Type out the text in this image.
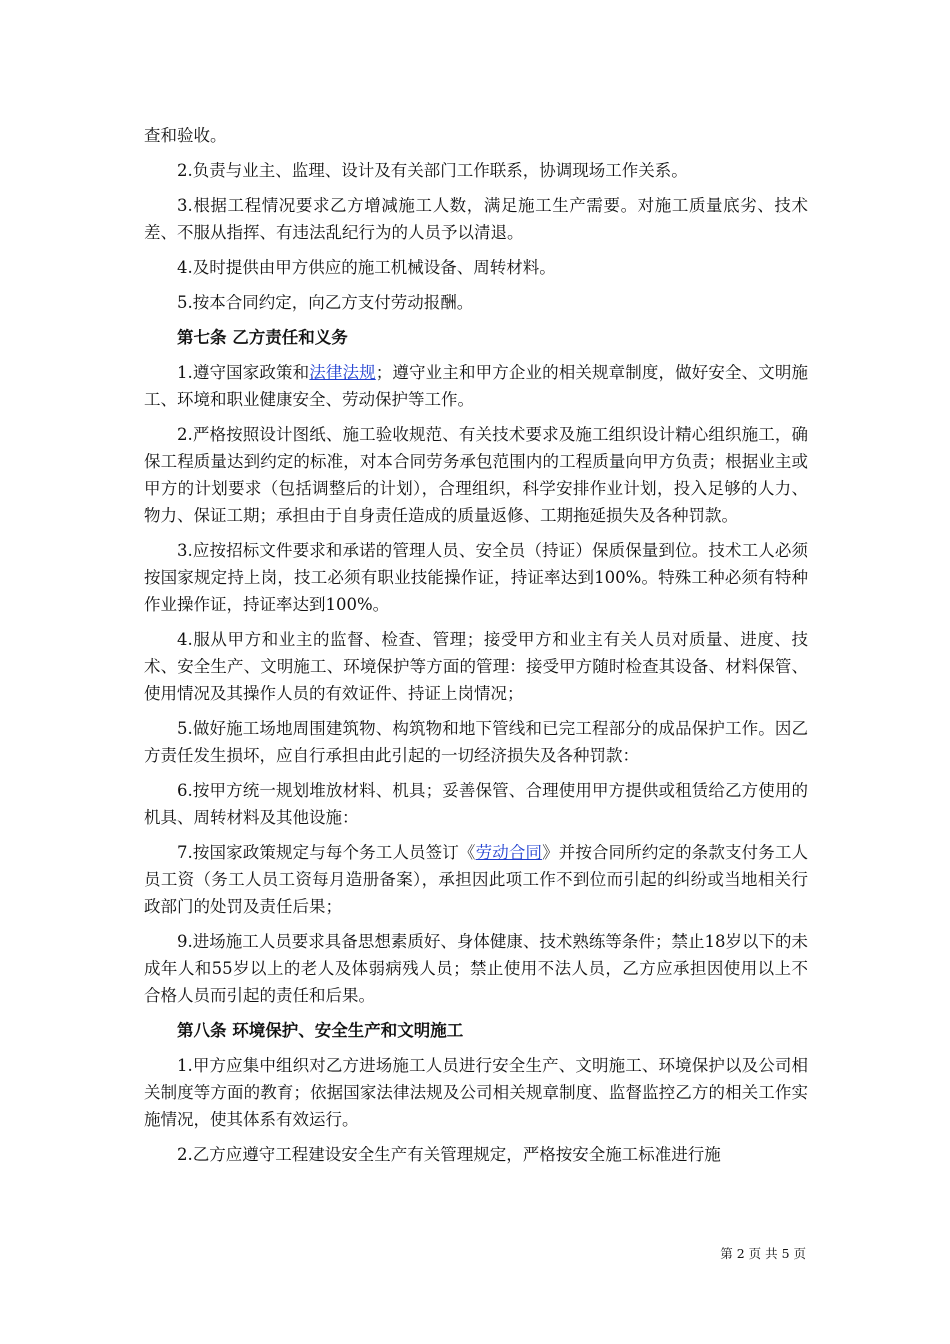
查和验收。

2.负责与业主、监理、设计及有关部门工作联系，协调现场工作关系。

3.根据工程情况要求乙方增减施工人数，满足施工生产需要。对施工质量底劣、技术差、不服从指挥、有违法乱纪行为的人员予以清退。

4.及时提供由甲方供应的施工机械设备、周转材料。

5.按本合同约定，向乙方支付劳动报酬。

第七条 乙方责任和义务

1.遵守国家政策和法律法规；遵守业主和甲方企业的相关规章制度，做好安全、文明施工、环境和职业健康安全、劳动保护等工作。

2.严格按照设计图纸、施工验收规范、有关技术要求及施工组织设计精心组织施工，确保工程质量达到约定的标准，对本合同劳务承包范围内的工程质量向甲方负责；根据业主或甲方的计划要求（包括调整后的计划），合理组织，科学安排作业计划，投入足够的人力、物力、保证工期；承担由于自身责任造成的质量返修、工期拖延损失及各种罚款。

3.应按招标文件要求和承诺的管理人员、安全员（持证）保质保量到位。技术工人必须按国家规定持上岗，技工必须有职业技能操作证，持证率达到100%。特殊工种必须有特种作业操作证，持证率达到100%。

4.服从甲方和业主的监督、检查、管理；接受甲方和业主有关人员对质量、进度、技术、安全生产、文明施工、环境保护等方面的管理：接受甲方随时检查其设备、材料保管、使用情况及其操作人员的有效证件、持证上岗情况；

5.做好施工场地周围建筑物、构筑物和地下管线和已完工程部分的成品保护工作。因乙方责任发生损坏，应自行承担由此引起的一切经济损失及各种罚款：

6.按甲方统一规划堆放材料、机具；妥善保管、合理使用甲方提供或租赁给乙方使用的机具、周转材料及其他设施：

7.按国家政策规定与每个务工人员签订《劳动合同》并按合同所约定的条款支付务工人员工资（务工人员工资每月造册备案），承担因此项工作不到位而引起的纠纷或当地相关行政部门的处罚及责任后果；

9.进场施工人员要求具备思想素质好、身体健康、技术熟练等条件；禁止18岁以下的未成年人和55岁以上的老人及体弱病残人员；禁止使用不法人员，乙方应承担因使用以上不合格人员而引起的责任和后果。

第八条 环境保护、安全生产和文明施工

1.甲方应集中组织对乙方进场施工人员进行安全生产、文明施工、环境保护以及公司相关制度等方面的教育；依据国家法律法规及公司相关规章制度、监督监控乙方的相关工作实施情况，使其体系有效运行。

2.乙方应遵守工程建设安全生产有关管理规定，严格按安全施工标准进行施

第 2 页 共 5 页
